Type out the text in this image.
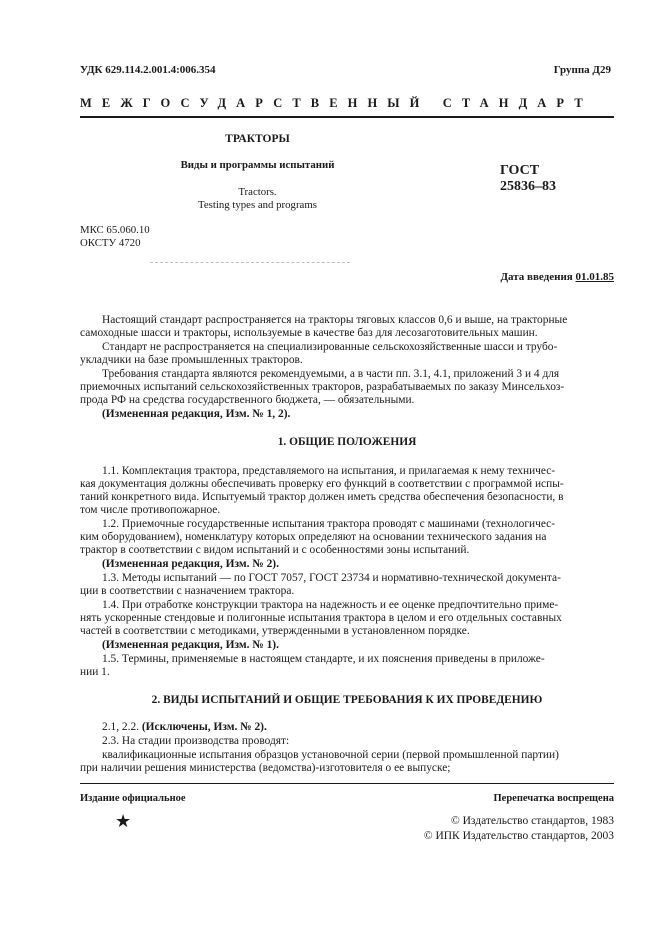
УДК 629.114.2.001.4:006.354	Группа Д29
МЕЖГОСУДАРСТВЕННЫЙ СТАНДАРТ
ТРАКТОРЫ
Виды и программы испытаний
Tractors.
Testing types and programs
ГОСТ
25836–83
МКС 65.060.10
ОКСТУ 4720
Дата введения 01.01.85
Настоящий стандарт распространяется на тракторы тяговых классов 0,6 и выше, на тракторные
самоходные шасси и тракторы, используемые в качестве баз для лесозаготовительных машин.
Стандарт не распространяется на специализированные сельскохозяйственные шасси и трубо-
укладчики на базе промышленных тракторов.
Требования стандарта являются рекомендуемыми, а в части пп. 3.1, 4.1, приложений 3 и 4 для
приемочных испытаний сельскохозяйственных тракторов, разрабатываемых по заказу Минсельхоз-
прода РФ на средства государственного бюджета, — обязательными.
(Измененная редакция, Изм. № 1, 2).
1. ОБЩИЕ ПОЛОЖЕНИЯ
1.1. Комплектация трактора, представляемого на испытания, и прилагаемая к нему техничес-
кая документация должны обеспечивать проверку его функций в соответствии с программой испы-
таний конкретного вида. Испытуемый трактор должен иметь средства обеспечения безопасности, в
том числе противопожарное.
1.2. Приемочные государственные испытания трактора проводят с машинами (технологичес-
ким оборудованием), номенклатуру которых определяют на основании технического задания на
трактор в соответствии с видом испытаний и с особенностями зоны испытаний.
(Измененная редакция, Изм. № 2).
1.3. Методы испытаний — по ГОСТ 7057, ГОСТ 23734 и нормативно-технической документа-
ции в соответствии с назначением трактора.
1.4. При отработке конструкции трактора на надежность и ее оценке предпочтительно приме-
нять ускоренные стендовые и полигонные испытания трактора в целом и его отдельных составных
частей в соответствии с методиками, утвержденными в установленном порядке.
(Измененная редакция, Изм. № 1).
1.5. Термины, применяемые в настоящем стандарте, и их пояснения приведены в приложе-
нии 1.
2. ВИДЫ ИСПЫТАНИЙ И ОБЩИЕ ТРЕБОВАНИЯ К ИХ ПРОВЕДЕНИЮ
2.1, 2.2. (Исключены, Изм. № 2).
2.3. На стадии производства проводят:
квалификационные испытания образцов установочной серии (первой промышленной партии)
при наличии решения министерства (ведомства)-изготовителя о ее выпуске;
Издание официальное	Перепечатка воспрещена
★	© Издательство стандартов, 1983
© ИПК Издательство стандартов, 2003
